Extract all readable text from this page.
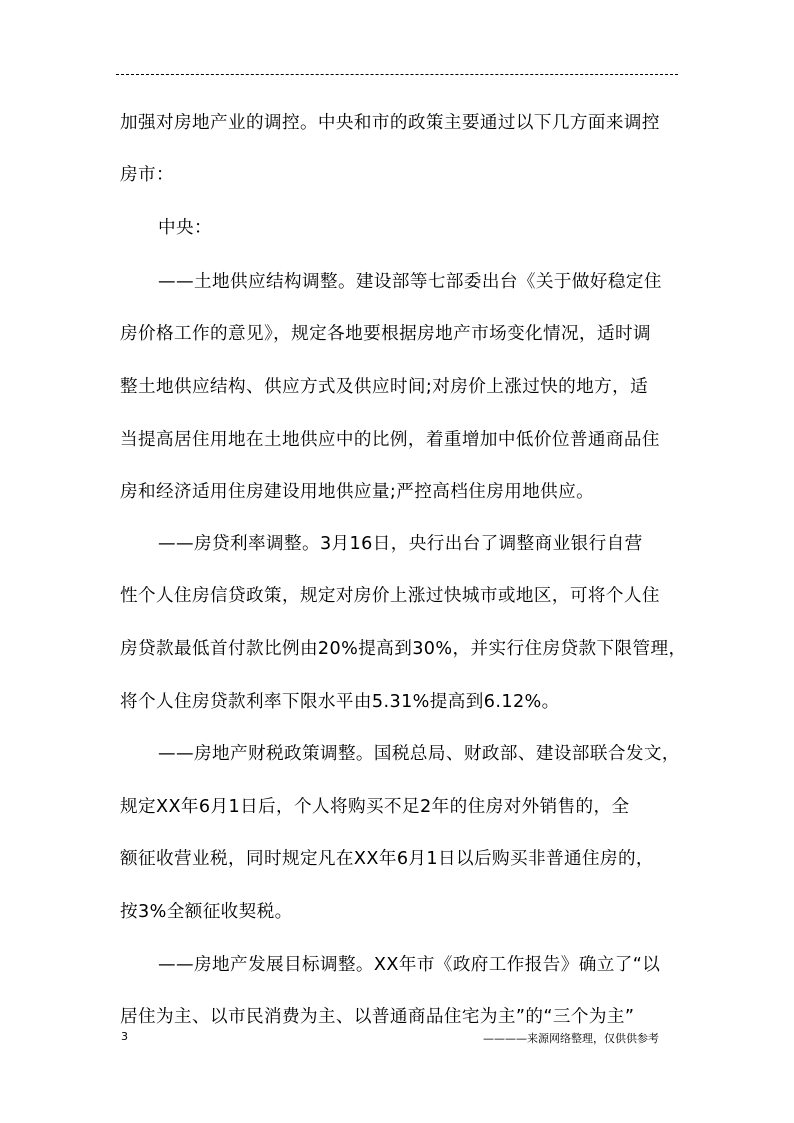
加强对房地产业的调控。中央和市的政策主要通过以下几方面来调控
房市：
中央：
——土地供应结构调整。建设部等七部委出台《关于做好稳定住
房价格工作的意见》，规定各地要根据房地产市场变化情况，适时调
整土地供应结构、供应方式及供应时间;对房价上涨过快的地方，适
当提高居住用地在土地供应中的比例，着重增加中低价位普通商品住
房和经济适用住房建设用地供应量;严控高档住房用地供应。
——房贷利率调整。3月16日，央行出台了调整商业银行自营
性个人住房信贷政策，规定对房价上涨过快城市或地区，可将个人住
房贷款最低首付款比例由20%提高到30%，并实行住房贷款下限管理，
将个人住房贷款利率下限水平由5.31%提高到6.12%。
——房地产财税政策调整。国税总局、财政部、建设部联合发文，
规定XX年6月1日后，个人将购买不足2年的住房对外销售的，全
额征收营业税，同时规定凡在XX年6月1日以后购买非普通住房的，
按3%全额征收契税。
——房地产发展目标调整。XX年市《政府工作报告》确立了“以
居住为主、以市民消费为主、以普通商品住宅为主”的“三个为主”
3	————来源网络整理，仅供供参考
